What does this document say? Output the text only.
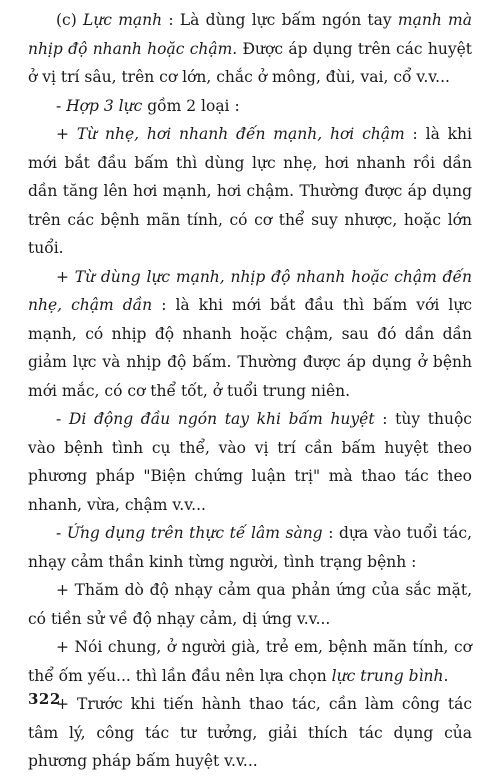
(c) Lực mạnh : Là dùng lực bấm ngón tay mạnh mà nhịp độ nhanh hoặc chậm. Được áp dụng trên các huyệt ở vị trí sâu, trên cơ lớn, chắc ở mông, đùi, vai, cổ v.v...

- Hợp 3 lực gồm 2 loại :

+ Từ nhẹ, hơi nhanh đến mạnh, hơi chậm : là khi mới bắt đầu bấm thì dùng lực nhẹ, hơi nhanh rồi dần dần tăng lên hơi mạnh, hơi chậm. Thường được áp dụng trên các bệnh mãn tính, có cơ thể suy nhược, hoặc lớn tuổi.

+ Từ dùng lực mạnh, nhịp độ nhanh hoặc chậm đến nhẹ, chậm dần : là khi mới bắt đầu thì bấm với lực mạnh, có nhịp độ nhanh hoặc chậm, sau đó dần dần giảm lực và nhịp độ bấm. Thường được áp dụng ở bệnh mới mắc, có cơ thể tốt, ở tuổi trung niên.

- Di động đầu ngón tay khi bấm huyệt : tùy thuộc vào bệnh tình cụ thể, vào vị trí cần bấm huyệt theo phương pháp "Biện chứng luận trị" mà thao tác theo nhanh, vừa, chậm v.v...

- Ứng dụng trên thực tế lâm sàng : dựa vào tuổi tác, nhạy cảm thần kinh từng người, tình trạng bệnh :

+ Thăm dò độ nhạy cảm qua phản ứng của sắc mặt, có tiền sử về độ nhạy cảm, dị ứng v.v...

+ Nói chung, ở người già, trẻ em, bệnh mãn tính, cơ thể ốm yếu... thì lần đầu nên lựa chọn lực trung bình.

+ Trước khi tiến hành thao tác, cần làm công tác tâm lý, công tác tư tưởng, giải thích tác dụng của phương pháp bấm huyệt v.v...

322
